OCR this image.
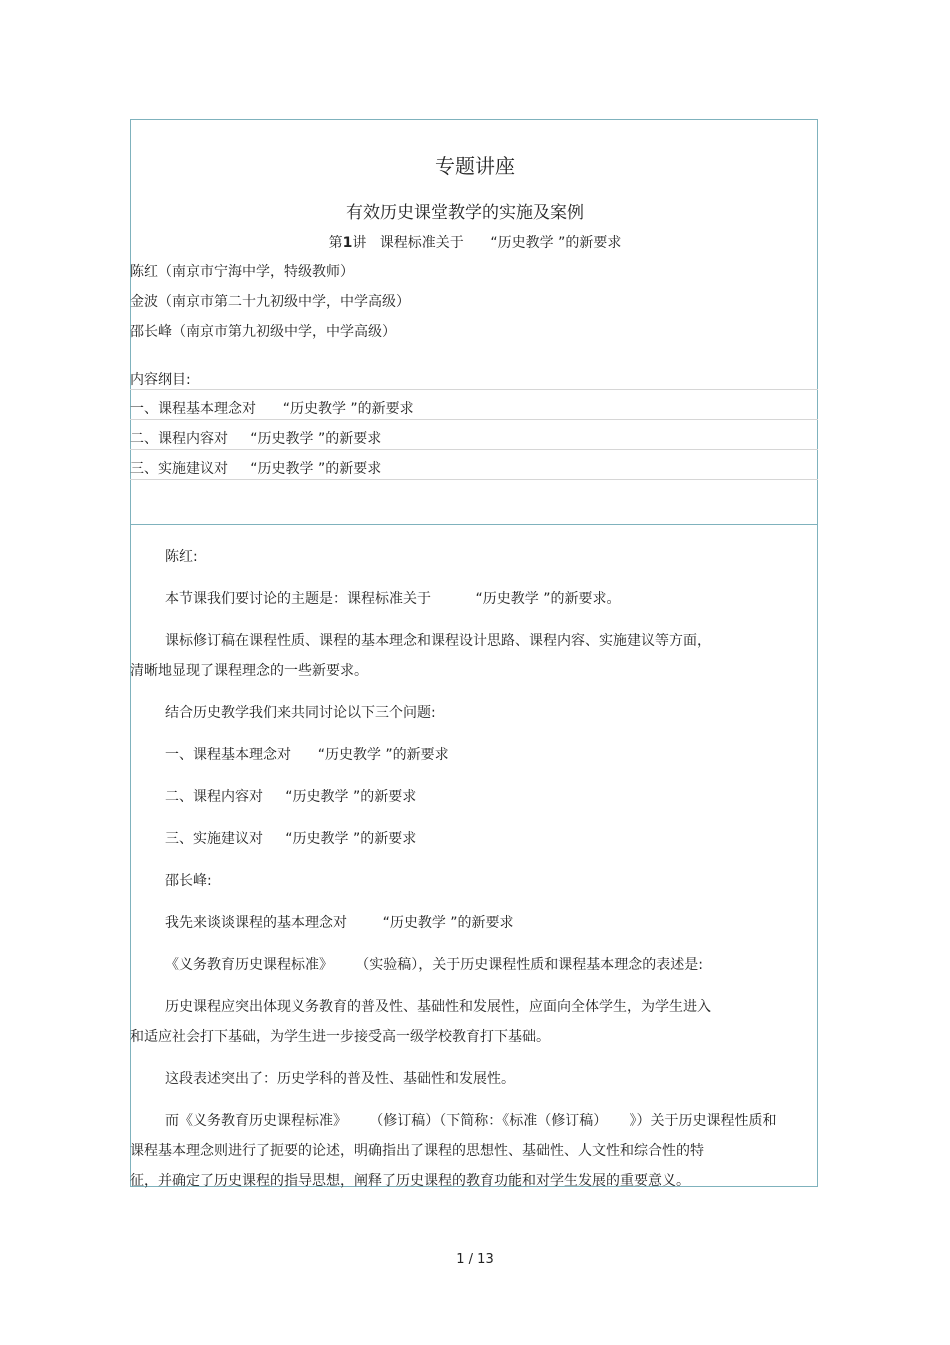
专题讲座
有效历史课堂教学的实施及案例
第1讲   课程标准关于      “历史教学 ”的新要求
陈红（南京市宁海中学，特级教师）
金波（南京市第二十九初级中学，中学高级）
邵长峰（南京市第九初级中学，中学高级）
内容纲目:
一、课程基本理念对      “历史教学 ”的新要求
二、课程内容对     “历史教学 ”的新要求
三、实施建议对     “历史教学 ”的新要求
陈红:
本节课我们要讨论的主题是：课程标准关于          “历史教学 ”的新要求。
课标修订稿在课程性质、课程的基本理念和课程设计思路、课程内容、实施建议等方面，
清晰地显现了课程理念的一些新要求。
结合历史教学我们来共同讨论以下三个问题:
一、课程基本理念对      “历史教学 ”的新要求
二、课程内容对     “历史教学 ”的新要求
三、实施建议对     “历史教学 ”的新要求
邵长峰:
我先来谈谈课程的基本理念对        “历史教学 ”的新要求
《义务教育历史课程标准》     （实验稿），关于历史课程性质和课程基本理念的表述是:
历史课程应突出体现义务教育的普及性、基础性和发展性，应面向全体学生，为学生进入
和适应社会打下基础，为学生进一步接受高一级学校教育打下基础。
这段表述突出了：历史学科的普及性、基础性和发展性。
而《义务教育历史课程标准》     （修订稿）（下简称：《标准（修订稿）     》）关于历史课程性质和
课程基本理念则进行了扼要的论述，明确指出了课程的思想性、基础性、人文性和综合性的特
征，并确定了历史课程的指导思想，阐释了历史课程的教育功能和对学生发展的重要意义。
1 / 13
